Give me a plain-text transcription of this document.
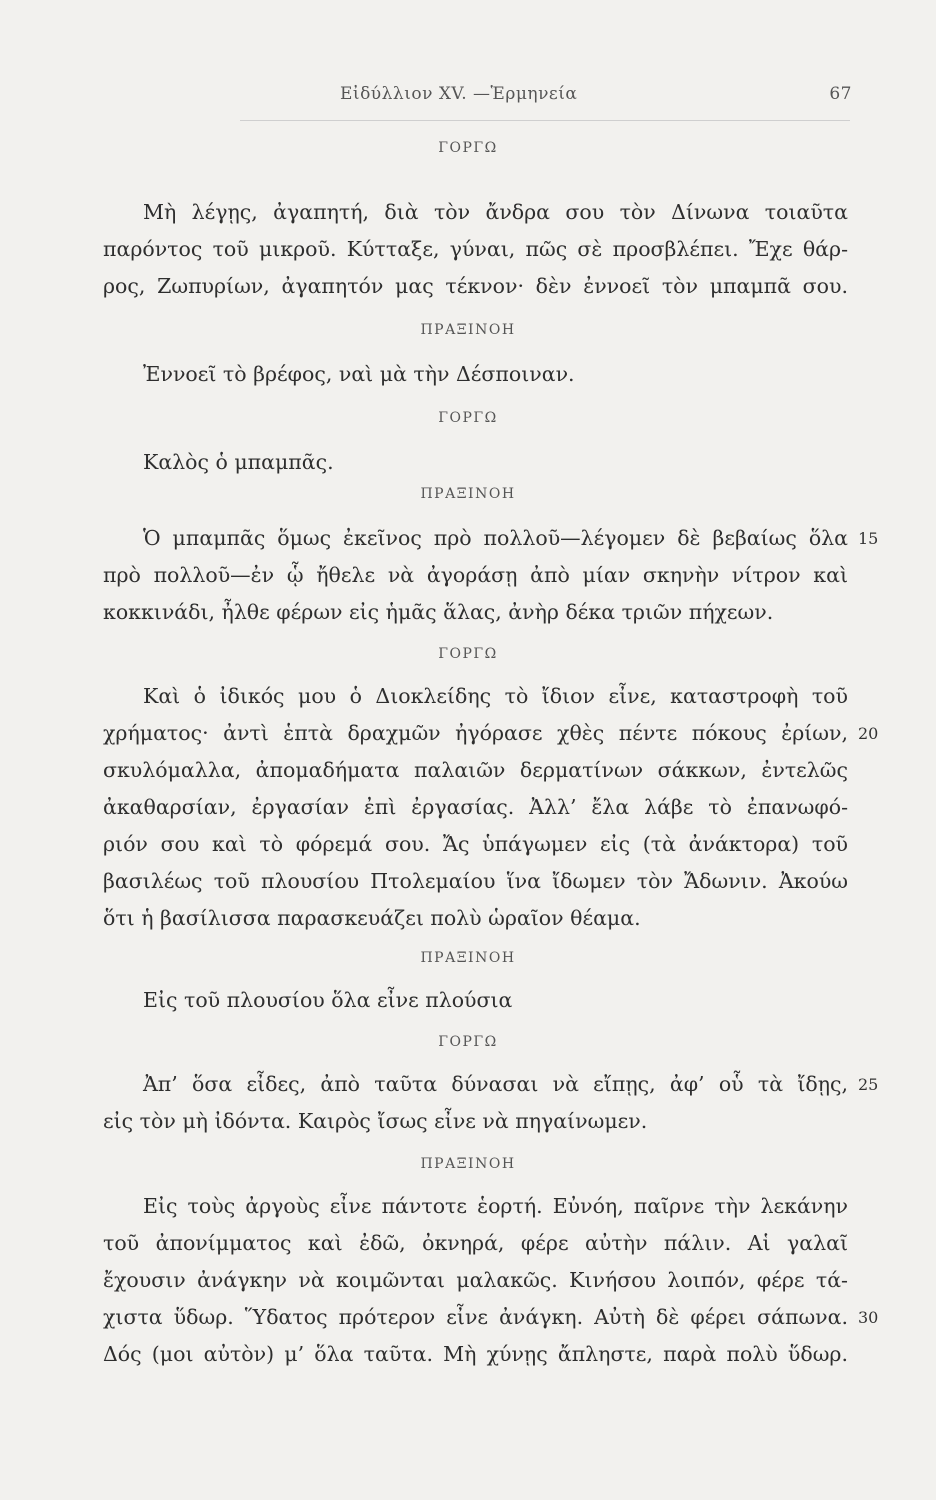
Εἰδύλλιον XV. —Ἑρμηνεία	67
ΓΟΡΓΩ
Μὴ λέγῃς, ἀγαπητή, διὰ τὸν ἄνδρα σου τὸν Δίνωνα τοιαῦτα
παρόντος τοῦ μικροῦ. Κύτταξε, γύναι, πῶς σὲ προσβλέπει. Ἔχε θάρ-
ρος, Ζωπυρίων, ἀγαπητόν μας τέκνον· δὲν ἐννοεῖ τὸν μπαμπᾶ σου.
ΠΡΑΞΙΝΟΗ
Ἐννοεῖ τὸ βρέφος, ναὶ μὰ τὴν Δέσποιναν.
ΓΟΡΓΩ
Καλὸς ὁ μπαμπᾶς.
ΠΡΑΞΙΝΟΗ
Ὁ μπαμπᾶς ὅμως ἐκεῖνος πρὸ πολλοῦ—λέγομεν δὲ βεβαίως ὅλα 15
πρὸ πολλοῦ—ἐν ᾧ ἤθελε νὰ ἀγοράσῃ ἀπὸ μίαν σκηνὴν νίτρον καὶ
κοκκινάδι, ἦλθε φέρων εἰς ἡμᾶς ἅλας, ἀνὴρ δέκα τριῶν πήχεων.
ΓΟΡΓΩ
Καὶ ὁ ἰδικός μου ὁ Διοκλείδης τὸ ἴδιον εἶνε, καταστροφὴ τοῦ
χρήματος· ἀντὶ ἑπτὰ δραχμῶν ἠγόρασε χθὲς πέντε πόκους ἐρίων, 20
σκυλόμαλλα, ἀπομαδήματα παλαιῶν δερματίνων σάκκων, ἐντελῶς
ἀκαθαρσίαν, ἐργασίαν ἐπὶ ἐργασίας. Ἀλλ’ ἔλα λάβε τὸ ἐπανωφό-
ριόν σου καὶ τὸ φόρεμά σου. Ἄς ὑπάγωμεν εἰς (τὰ ἀνάκτορα) τοῦ
βασιλέως τοῦ πλουσίου Πτολεμαίου ἵνα ἴδωμεν τὸν Ἄδωνιν. Ἀκούω
ὅτι ἡ βασίλισσα παρασκευάζει πολὺ ὡραῖον θέαμα.
ΠΡΑΞΙΝΟΗ
Εἰς τοῦ πλουσίου ὅλα εἶνε πλούσια
ΓΟΡΓΩ
Ἀπ’ ὅσα εἶδες, ἀπὸ ταῦτα δύνασαι νὰ εἴπῃς, ἀφ’ οὗ τὰ ἴδῃς, 25
εἰς τὸν μὴ ἰδόντα. Καιρὸς ἴσως εἶνε νὰ πηγαίνωμεν.
ΠΡΑΞΙΝΟΗ
Εἰς τοὺς ἀργοὺς εἶνε πάντοτε ἑορτή. Εὐνόη, παῖρνε τὴν λεκάνην
τοῦ ἀπονίμματος καὶ ἐδῶ, ὀκνηρά, φέρε αὐτὴν πάλιν. Αἱ γαλαῖ
ἔχουσιν ἀνάγκην νὰ κοιμῶνται μαλακῶς. Κινήσου λοιπόν, φέρε τά-
χιστα ὕδωρ. Ὕδατος πρότερον εἶνε ἀνάγκη. Αὐτὴ δὲ φέρει σάπωνα. 30
Δός (μοι αὐτὸν) μ’ ὅλα ταῦτα. Μὴ χύνῃς ἄπληστε, παρὰ πολὺ ὕδωρ.
